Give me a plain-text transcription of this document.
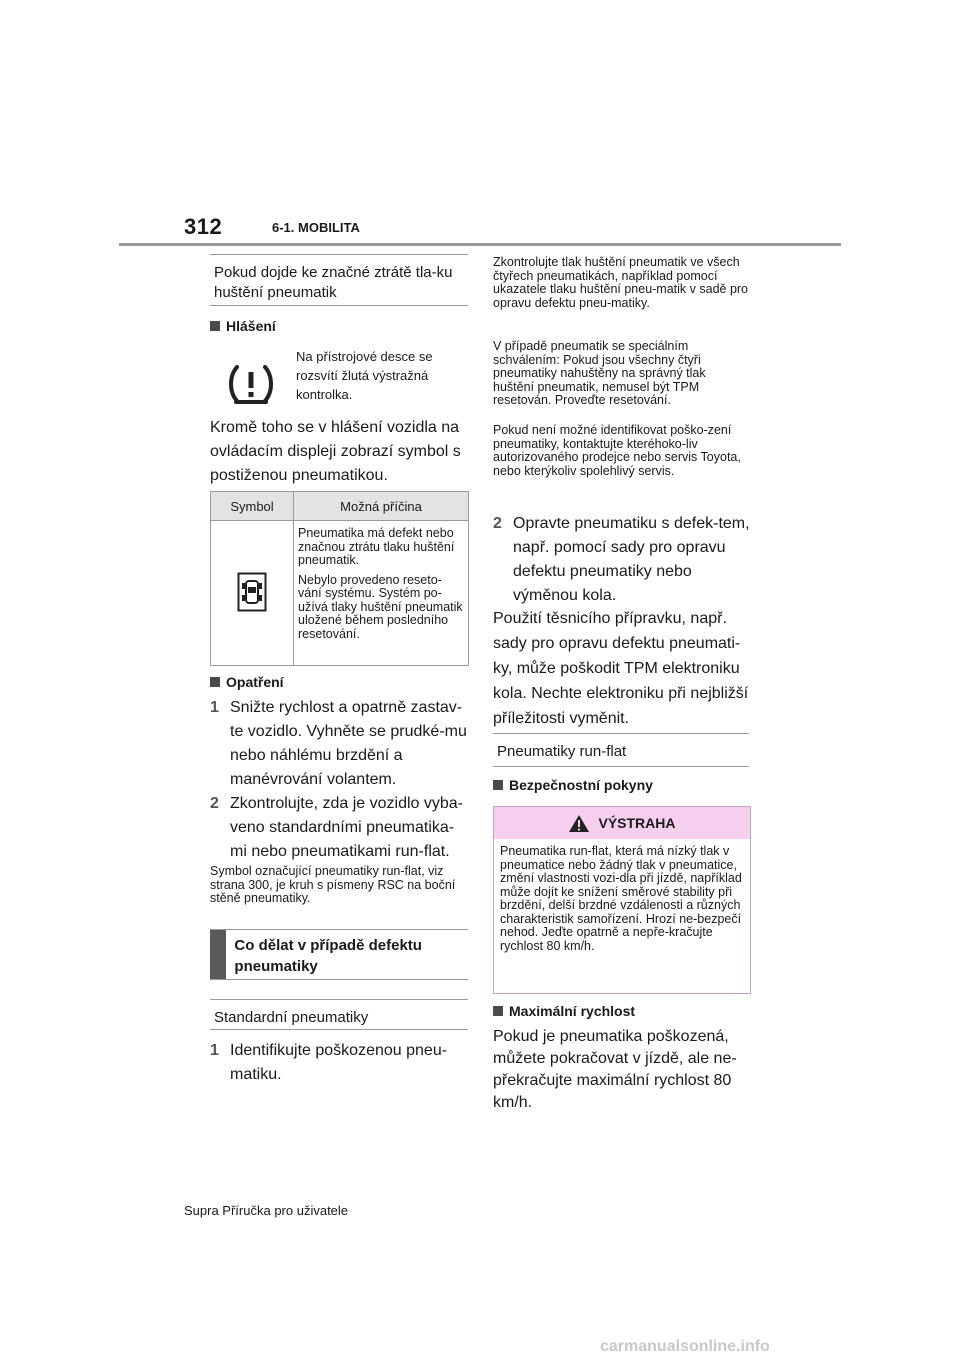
312	6-1. MOBILITA
Pokud dojde ke značné ztrátě tla-ku huštění pneumatik
Hlášení
Na přístrojové desce se rozsvítí žlutá výstražná kontrolka.
Kromě toho se v hlášení vozidla na ovládacím displeji zobrazí symbol s postiženou pneumatikou.
Symbol	Možná příčina

Pneumatika má defekt nebo značnou ztrátu tlaku huštění pneumatik.
Nebylo provedeno reseto-vání systému. Systém po-užívá tlaky huštění pneumatik uložené během posledního resetování.
Opatření
1 Snižte rychlost a opatrně zastav-te vozidlo. Vyhněte se prudké-mu nebo náhlému brzdění a manévrování volantem.
2 Zkontrolujte, zda je vozidlo vyba-veno standardními pneumatika-mi nebo pneumatikami run-flat.
Symbol označující pneumatiky run-flat, viz strana 300, je kruh s písmeny RSC na boční stěně pneumatiky.
Co dělat v případě defektu pneumatiky
Standardní pneumatiky
1 Identifikujte poškozenou pneu-matiku.
Zkontrolujte tlak huštění pneumatik ve všech čtyřech pneumatikách, například pomocí ukazatele tlaku huštění pneu-matik v sadě pro opravu defektu pneu-matiky.
V případě pneumatik se speciálním schválením: Pokud jsou všechny čtyři pneumatiky nahuštěny na správný tlak huštění pneumatik, nemusel být TPM resetován. Proveďte resetování.
Pokud není možné identifikovat poško-zení pneumatiky, kontaktujte kteréhoko-liv autorizovaného prodejce nebo servis Toyota, nebo kterýkoliv spolehlivý servis.
2 Opravte pneumatiku s defek-tem, např. pomocí sady pro opravu defektu pneumatiky nebo výměnou kola.
Použití těsnicího přípravku, např. sady pro opravu defektu pneumati-ky, může poškodit TPM elektroniku kola. Nechte elektroniku při nejbližší příležitosti vyměnit.
Pneumatiky run-flat
Bezpečnostní pokyny
VÝSTRAHA
Pneumatika run-flat, která má nízký tlak v pneumatice nebo žádný tlak v pneumatice, změní vlastnosti vozi-dla při jízdě, například může dojít ke snížení směrové stability při brzdění, delší brzdné vzdálenosti a různých charakteristik samořízení. Hrozí ne-bezpečí nehod. Jeďte opatrně a nepře-kračujte rychlost 80 km/h.
Maximální rychlost
Pokud je pneumatika poškozená, můžete pokračovat v jízdě, ale ne-překračujte maximální rychlost 80 km/h.
Supra Příručka pro uživatele
carmanualsonline.info
